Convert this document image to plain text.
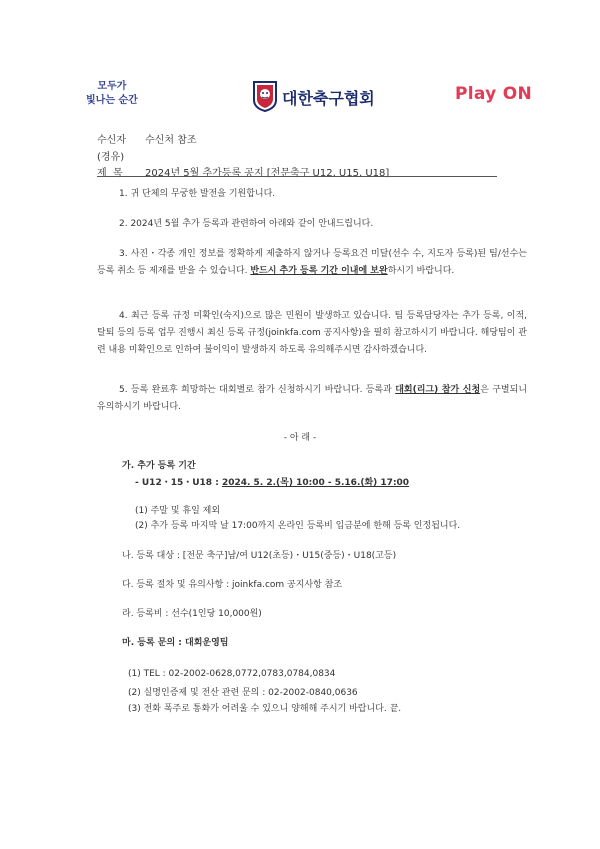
모두가
빛나는 순간	대한축구협회	Play ON
수신자 수신처 참조
(경유)
제  목 2024년 5월 추가등록 공지 [전문축구 U12, U15, U18]
1. 귀 단체의 무궁한 발전을 기원합니다.
2. 2024년 5월 추가 등록과 관련하여 아래와 같이 안내드립니다.
3. 사진・각종 개인 정보를 정확하게 제출하지 않거나 등록요건 미달(선수 수, 지도자 등록)된 팀/선수는 등록 취소 등 제재를 받을 수 있습니다. 반드시 추가 등록 기간 이내에 보완하시기 바랍니다.
4. 최근 등록 규정 미확인(숙지)으로 많은 민원이 발생하고 있습니다. 팀 등록담당자는 추가 등록, 이적, 탈퇴 등의 등록 업무 진행시 최신 등록 규정(joinkfa.com 공지사항)을 필히 참고하시기 바랍니다. 해당팀이 관련 내용 미확인으로 인하여 불이익이 발생하지 하도록 유의해주시면 감사하겠습니다.
5. 등록 완료후 희망하는 대회별로 참가 신청하시기 바랍니다. 등록과 대회(리그) 참가 신청은 구별되니 유의하시기 바랍니다.
- 아 래 -
가. 추가 등록 기간
- U12・15・U18 : 2024. 5. 2.(목) 10:00 - 5.16.(화) 17:00
(1) 주말 및 휴일 제외
(2) 추가 등록 마지막 날 17:00까지 온라인 등록비 입금분에 한해 등록 인정됩니다.
나. 등록 대상 : [전문 축구]남/여 U12(초등)・U15(중등)・U18(고등)
다. 등록 절차 및 유의사항 : joinkfa.com 공지사항 참조
라. 등록비 : 선수(1인당 10,000원)
마. 등록 문의 : 대회운영팀
(1) TEL : 02-2002-0628,0772,0783,0784,0834
(2) 실명인증제 및 전산 관련 문의 : 02-2002-0840,0636
(3) 전화 폭주로 통화가 어려울 수 있으니 양해해 주시기 바랍니다. 끝.
